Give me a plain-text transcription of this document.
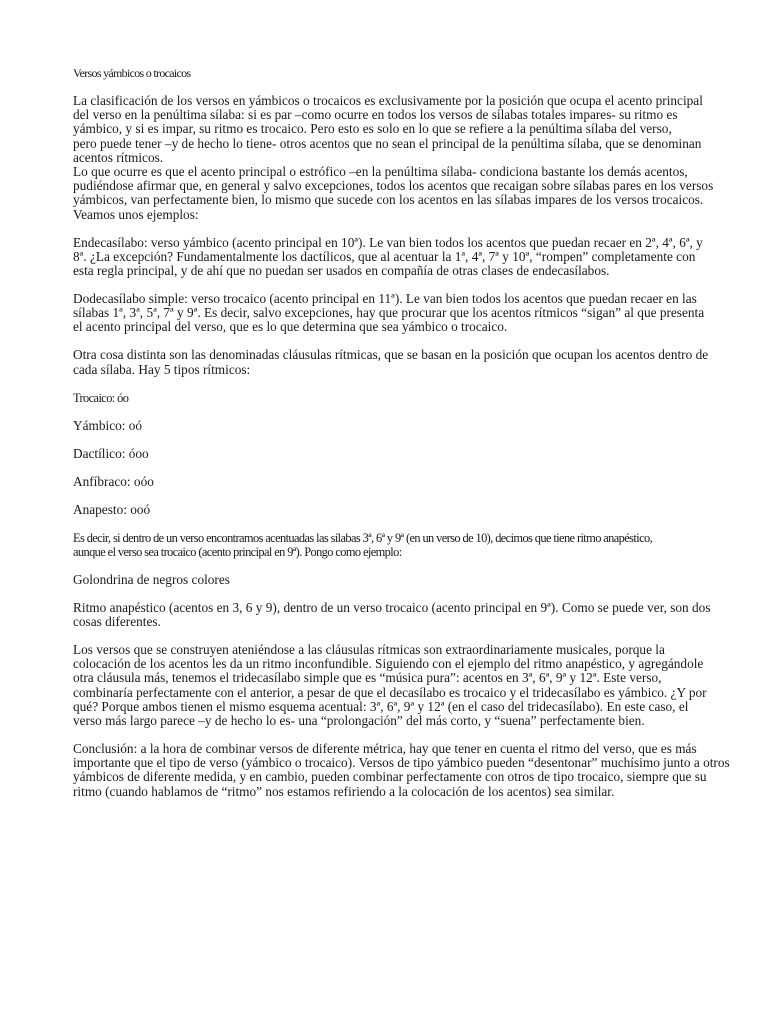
Versos yámbicos o trocaicos

La clasificación de los versos en yámbicos o trocaicos es exclusivamente por la posición que ocupa el acento principal
del verso en la penúltima sílaba: si es par –como ocurre en todos los versos de sílabas totales impares- su ritmo es
yámbico, y si es impar, su ritmo es trocaico. Pero esto es solo en lo que se refiere a la penúltima sílaba del verso,
pero puede tener –y de hecho lo tiene- otros acentos que no sean el principal de la penúltima sílaba, que se denominan
acentos rítmicos.
Lo que ocurre es que el acento principal o estrófico –en la penúltima sílaba- condiciona bastante los demás acentos,
pudiéndose afirmar que, en general y salvo excepciones, todos los acentos que recaigan sobre sílabas pares en los versos
yámbicos, van perfectamente bien, lo mismo que sucede con los acentos en las sílabas impares de los versos trocaicos.
Veamos unos ejemplos:

Endecasílabo: verso yámbico (acento principal en 10ª). Le van bien todos los acentos que puedan recaer en 2ª, 4ª, 6ª, y
8ª. ¿La excepción? Fundamentalmente los dactílicos, que al acentuar la 1ª, 4ª, 7ª y 10ª, “rompen” completamente con
esta regla principal, y de ahí que no puedan ser usados en compañía de otras clases de endecasílabos.

Dodecasílabo simple: verso trocaico (acento principal en 11ª). Le van bien todos los acentos que puedan recaer en las
sílabas 1ª, 3ª, 5ª, 7ª y 9ª. Es decir, salvo excepciones, hay que procurar que los acentos rítmicos “sigan” al que presenta
el acento principal del verso, que es lo que determina que sea yámbico o trocaico.

Otra cosa distinta son las denominadas cláusulas rítmicas, que se basan en la posición que ocupan los acentos dentro de
cada sílaba. Hay 5 tipos rítmicos:

Trocaico: óo

Yámbico: oó

Dactílico: óoo

Anfíbraco: oóo

Anapesto: ooó

Es decir, si dentro de un verso encontramos acentuadas las sílabas 3ª, 6ª y 9ª (en un verso de 10), decimos que tiene ritmo anapéstico,
aunque el verso sea trocaico (acento principal en 9ª). Pongo como ejemplo:

Golondrina de negros colores

Ritmo anapéstico (acentos en 3, 6 y 9), dentro de un verso trocaico (acento principal en 9ª). Como se puede ver, son dos
cosas diferentes.

Los versos que se construyen ateniéndose a las cláusulas rítmicas son extraordinariamente musicales, porque la
colocación de los acentos les da un ritmo inconfundible. Siguiendo con el ejemplo del ritmo anapéstico, y agregándole
otra cláusula más, tenemos el tridecasílabo simple que es “música pura”: acentos en 3ª, 6ª, 9ª y 12ª. Este verso,
combinaría perfectamente con el anterior, a pesar de que el decasílabo es trocaico y el tridecasílabo es yámbico. ¿Y por
qué? Porque ambos tienen el mismo esquema acentual: 3ª, 6ª, 9ª y 12ª (en el caso del tridecasílabo). En este caso, el
verso más largo parece –y de hecho lo es- una “prolongación” del más corto, y “suena” perfectamente bien.

Conclusión: a la hora de combinar versos de diferente métrica, hay que tener en cuenta el ritmo del verso, que es más
importante que el tipo de verso (yámbico o trocaico). Versos de tipo yámbico pueden “desentonar” muchísimo junto a otros
yámbicos de diferente medida, y en cambio, pueden combinar perfectamente con otros de tipo trocaico, siempre que su
ritmo (cuando hablamos de “ritmo” nos estamos refiriendo a la colocación de los acentos) sea similar.
